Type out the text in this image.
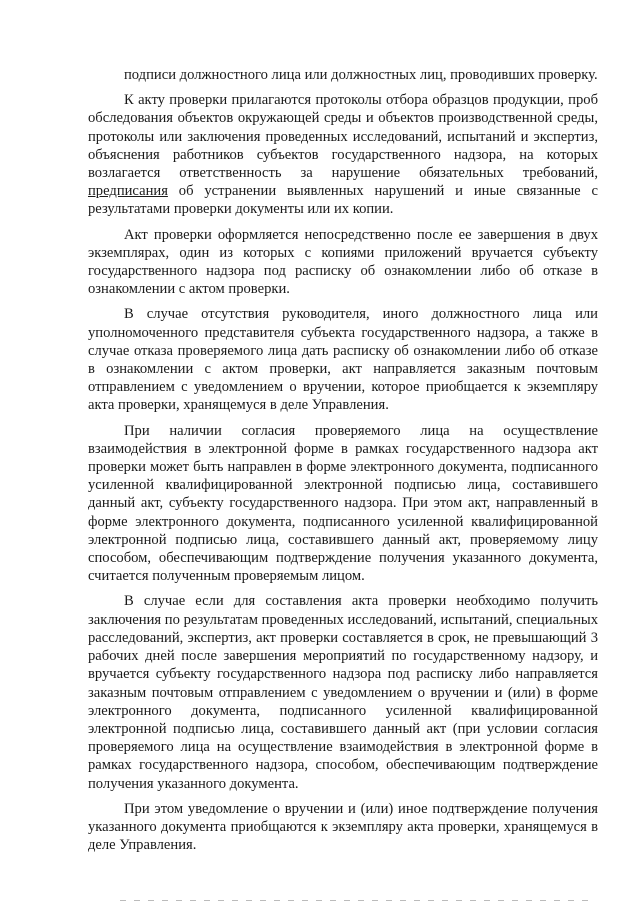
подписи должностного лица или должностных лиц, проводивших проверку.

К акту проверки прилагаются протоколы отбора образцов продукции, проб обследования объектов окружающей среды и объектов производственной среды, протоколы или заключения проведенных исследований, испытаний и экспертиз, объяснения работников субъектов государственного надзора, на которых возлагается ответственность за нарушение обязательных требований, предписания об устранении выявленных нарушений и иные связанные с результатами проверки документы или их копии.

Акт проверки оформляется непосредственно после ее завершения в двух экземплярах, один из которых с копиями приложений вручается субъекту государственного надзора под расписку об ознакомлении либо об отказе в ознакомлении с актом проверки.

В случае отсутствия руководителя, иного должностного лица или уполномоченного представителя субъекта государственного надзора, а также в случае отказа проверяемого лица дать расписку об ознакомлении либо об отказе в ознакомлении с актом проверки, акт направляется заказным почтовым отправлением с уведомлением о вручении, которое приобщается к экземпляру акта проверки, хранящемуся в деле Управления.

При наличии согласия проверяемого лица на осуществление взаимодействия в электронной форме в рамках государственного надзора акт проверки может быть направлен в форме электронного документа, подписанного усиленной квалифицированной электронной подписью лица, составившего данный акт, субъекту государственного надзора. При этом акт, направленный в форме электронного документа, подписанного усиленной квалифицированной электронной подписью лица, составившего данный акт, проверяемому лицу способом, обеспечивающим подтверждение получения указанного документа, считается полученным проверяемым лицом.

В случае если для составления акта проверки необходимо получить заключения по результатам проведенных исследований, испытаний, специальных расследований, экспертиз, акт проверки составляется в срок, не превышающий 3 рабочих дней после завершения мероприятий по государственному надзору, и вручается субъекту государственного надзора под расписку либо направляется заказным почтовым отправлением с уведомлением о вручении и (или) в форме электронного документа, подписанного усиленной квалифицированной электронной подписью лица, составившего данный акт (при условии согласия проверяемого лица на осуществление взаимодействия в электронной форме в рамках государственного надзора, способом, обеспечивающим подтверждение получения указанного документа.

При этом уведомление о вручении и (или) иное подтверждение получения указанного документа приобщаются к экземпляру акта проверки, хранящемуся в деле Управления.
